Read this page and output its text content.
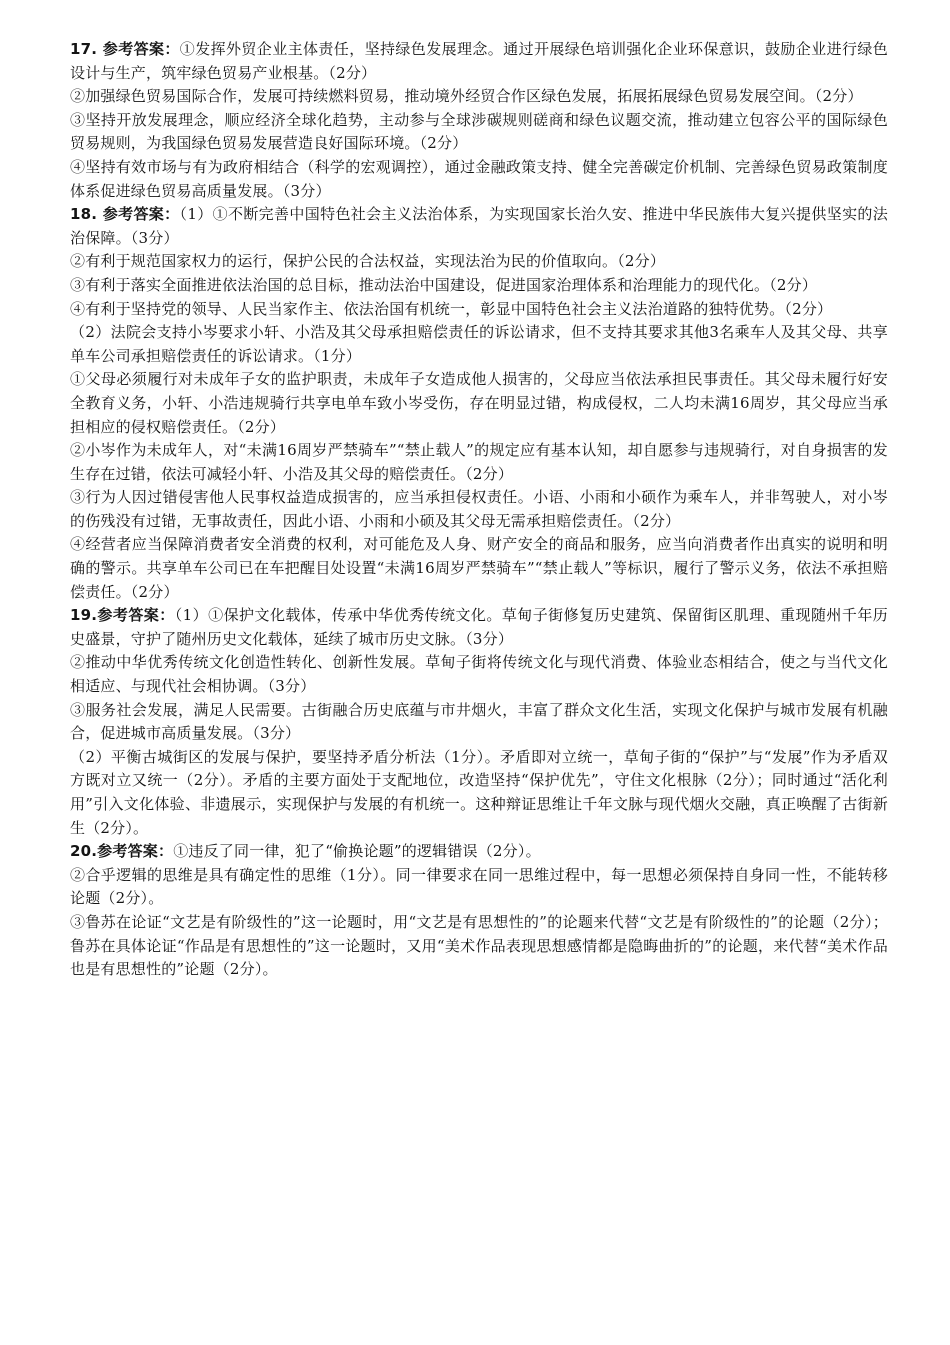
17. 参考答案：①发挥外贸企业主体责任，坚持绿色发展理念。通过开展绿色培训强化企业环保意识，鼓励企业进行绿色设计与生产，筑牢绿色贸易产业根基。（2分）

②加强绿色贸易国际合作，发展可持续燃料贸易，推动境外经贸合作区绿色发展，拓展拓展绿色贸易发展空间。（2分）

③坚持开放发展理念，顺应经济全球化趋势，主动参与全球涉碳规则磋商和绿色议题交流，推动建立包容公平的国际绿色贸易规则，为我国绿色贸易发展营造良好国际环境。（2分）

④坚持有效市场与有为政府相结合（科学的宏观调控），通过金融政策支持、健全完善碳定价机制、完善绿色贸易政策制度体系促进绿色贸易高质量发展。（3分）

18. 参考答案：（1）①不断完善中国特色社会主义法治体系，为实现国家长治久安、推进中华民族伟大复兴提供坚实的法治保障。（3分）

②有利于规范国家权力的运行，保护公民的合法权益，实现法治为民的价值取向。（2分）

③有利于落实全面推进依法治国的总目标，推动法治中国建设，促进国家治理体系和治理能力的现代化。（2分）

④有利于坚持党的领导、人民当家作主、依法治国有机统一，彰显中国特色社会主义法治道路的独特优势。（2分）

（2）法院会支持小岑要求小轩、小浩及其父母承担赔偿责任的诉讼请求，但不支持其要求其他3名乘车人及其父母、共享单车公司承担赔偿责任的诉讼请求。（1分）

①父母必须履行对未成年子女的监护职责，未成年子女造成他人损害的，父母应当依法承担民事责任。其父母未履行好安全教育义务，小轩、小浩违规骑行共享电单车致小岑受伤，存在明显过错，构成侵权，二人均未满16周岁，其父母应当承担相应的侵权赔偿责任。（2分）

②小岑作为未成年人，对“未满16周岁严禁骑车”“禁止载人”的规定应有基本认知，却自愿参与违规骑行，对自身损害的发生存在过错，依法可减轻小轩、小浩及其父母的赔偿责任。（2分）

③行为人因过错侵害他人民事权益造成损害的，应当承担侵权责任。小语、小雨和小硕作为乘车人，并非驾驶人，对小岑的伤残没有过错，无事故责任，因此小语、小雨和小硕及其父母无需承担赔偿责任。（2分）

④经营者应当保障消费者安全消费的权利，对可能危及人身、财产安全的商品和服务，应当向消费者作出真实的说明和明确的警示。共享单车公司已在车把醒目处设置“未满16周岁严禁骑车”“禁止载人”等标识，履行了警示义务，依法不承担赔偿责任。（2分）

19.参考答案：（1）①保护文化载体，传承中华优秀传统文化。草甸子街修复历史建筑、保留街区肌理、重现随州千年历史盛景，守护了随州历史文化载体，延续了城市历史文脉。（3分）

②推动中华优秀传统文化创造性转化、创新性发展。草甸子街将传统文化与现代消费、体验业态相结合，使之与当代文化相适应、与现代社会相协调。（3分）

③服务社会发展，满足人民需要。古街融合历史底蕴与市井烟火，丰富了群众文化生活，实现文化保护与城市发展有机融合，促进城市高质量发展。（3分）

（2）平衡古城街区的发展与保护，要坚持矛盾分析法（1分）。矛盾即对立统一，草甸子街的“保护”与“发展”作为矛盾双方既对立又统一（2分）。矛盾的主要方面处于支配地位，改造坚持“保护优先”，守住文化根脉（2分）；同时通过“活化利用”引入文化体验、非遗展示，实现保护与发展的有机统一。这种辩证思维让千年文脉与现代烟火交融，真正唤醒了古街新生（2分）。

20.参考答案：①违反了同一律，犯了“偷换论题”的逻辑错误（2分）。

②合乎逻辑的思维是具有确定性的思维（1分）。同一律要求在同一思维过程中，每一思想必须保持自身同一性，不能转移论题（2分）。

③鲁苏在论证“文艺是有阶级性的”这一论题时，用“文艺是有思想性的”的论题来代替“文艺是有阶级性的”的论题（2分）；鲁苏在具体论证“作品是有思想性的”这一论题时，又用“美术作品表现思想感情都是隐晦曲折的”的论题，来代替“美术作品也是有思想性的”论题（2分）。
